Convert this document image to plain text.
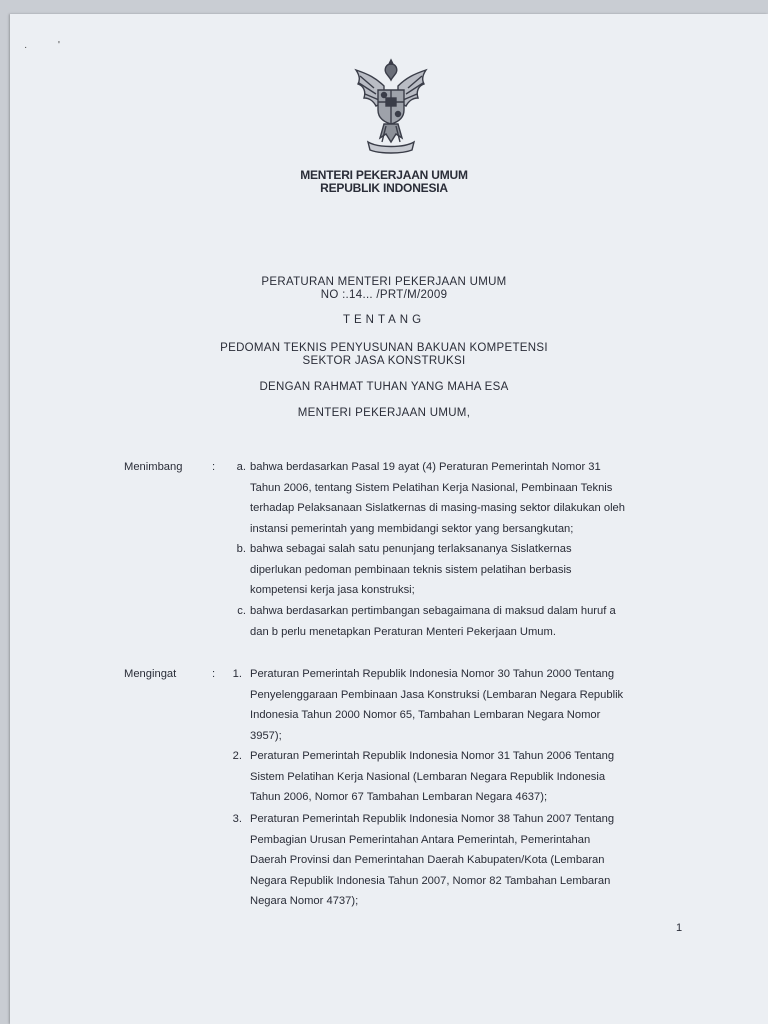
MENTERI PEKERJAAN UMUM
REPUBLIK INDONESIA
PERATURAN MENTERI PEKERJAAN UMUM
NO :.14... /PRT/M/2009
TENTANG
PEDOMAN TEKNIS PENYUSUNAN BAKUAN KOMPETENSI
SEKTOR JASA KONSTRUKSI
DENGAN RAHMAT TUHAN YANG MAHA ESA
MENTERI PEKERJAAN UMUM,
Menimbang	:	a. bahwa berdasarkan Pasal 19 ayat (4) Peraturan Pemerintah Nomor 31
Tahun 2006, tentang Sistem Pelatihan Kerja Nasional, Pembinaan Teknis
terhadap Pelaksanaan Sislatkernas di masing-masing sektor dilakukan oleh
instansi pemerintah yang membidangi sektor yang bersangkutan;
b. bahwa sebagai salah satu penunjang terlaksananya Sislatkernas
diperlukan pedoman pembinaan teknis sistem pelatihan berbasis
kompetensi kerja jasa konstruksi;
c. bahwa berdasarkan pertimbangan sebagaimana di maksud dalam huruf a
dan b perlu menetapkan Peraturan Menteri Pekerjaan Umum.
Mengingat	:	1. Peraturan Pemerintah Republik Indonesia Nomor 30 Tahun 2000 Tentang
Penyelenggaraan Pembinaan Jasa Konstruksi (Lembaran Negara Republik
Indonesia Tahun 2000 Nomor 65, Tambahan Lembaran Negara Nomor
3957);
2. Peraturan Pemerintah Republik Indonesia Nomor 31 Tahun 2006 Tentang
Sistem Pelatihan Kerja Nasional (Lembaran Negara Republik Indonesia
Tahun 2006, Nomor 67 Tambahan Lembaran Negara 4637);
3. Peraturan Pemerintah Republik Indonesia Nomor 38 Tahun 2007 Tentang
Pembagian Urusan Pemerintahan Antara Pemerintah, Pemerintahan
Daerah Provinsi dan Pemerintahan Daerah Kabupaten/Kota (Lembaran
Negara Republik Indonesia Tahun 2007, Nomor 82 Tambahan Lembaran
Negara Nomor 4737);
1
·	'
